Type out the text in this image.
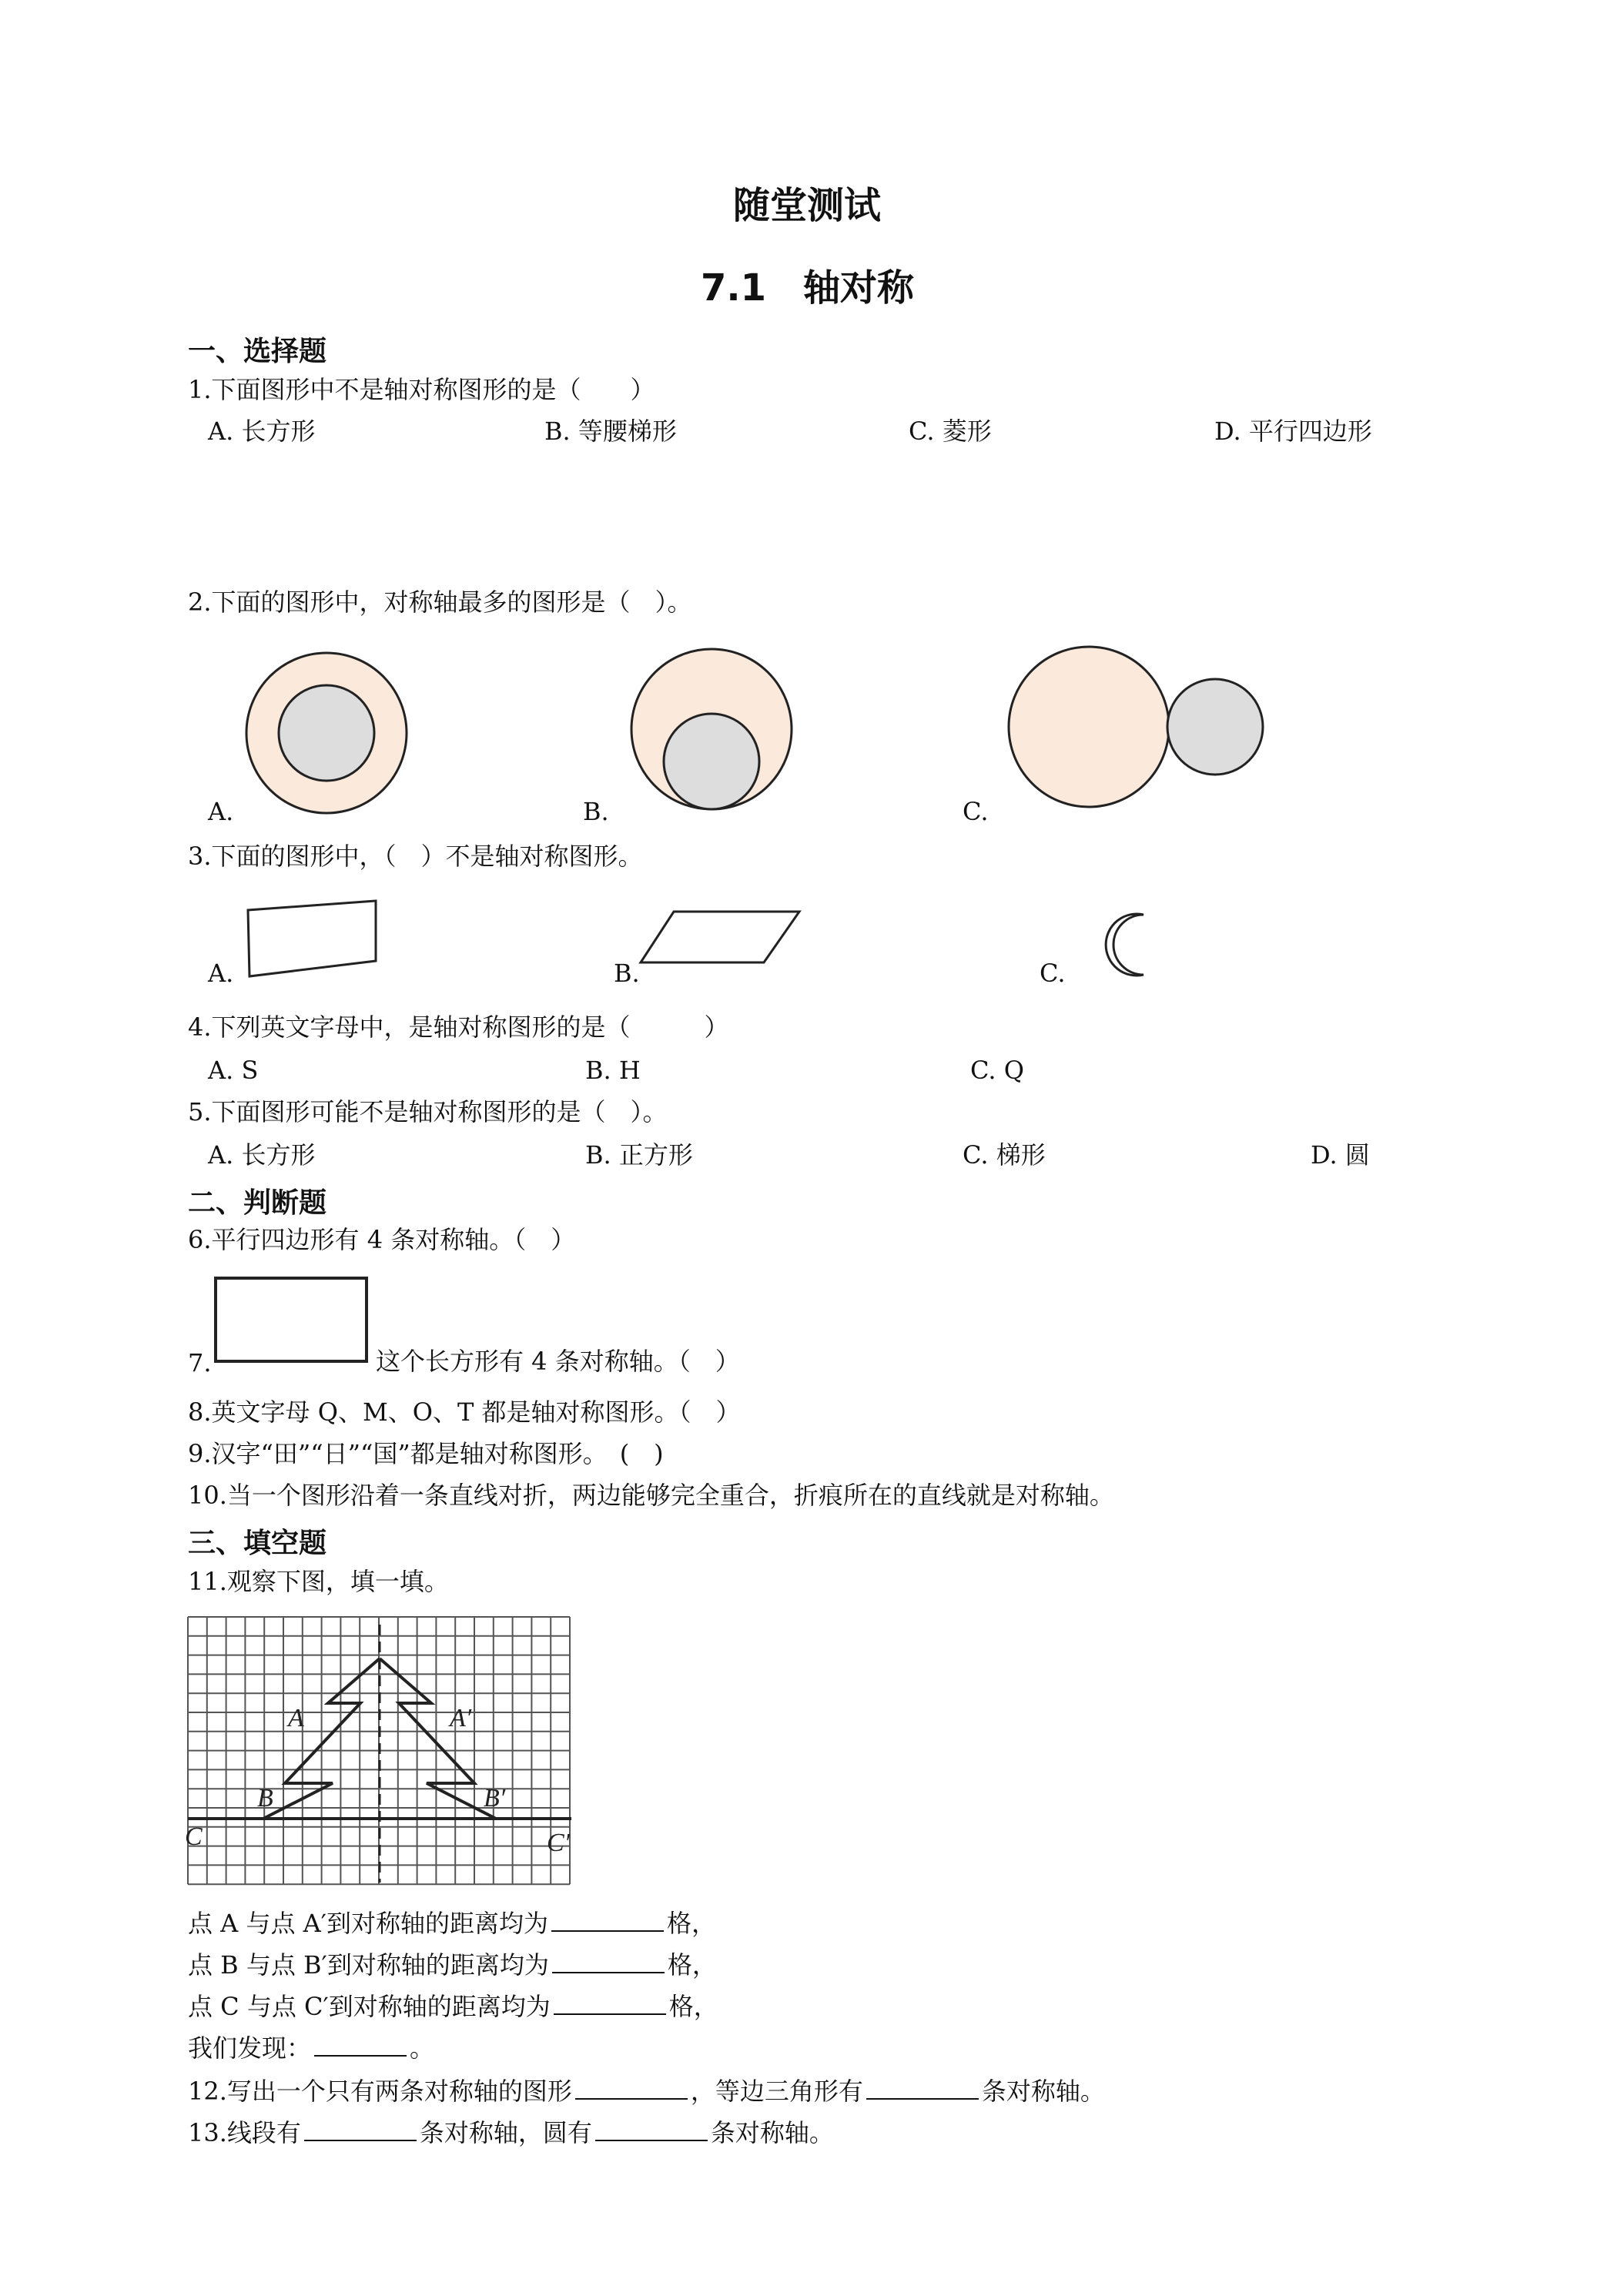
随堂测试
7.1　轴对称
一、选择题
1.下面图形中不是轴对称图形的是（　　）
A. 长方形	B. 等腰梯形	C. 菱形	D. 平行四边形
2.下面的图形中，对称轴最多的图形是（　）。
A.	B.	C.
3.下面的图形中，（　）不是轴对称图形。
A.	B.	C.
4.下列英文字母中，是轴对称图形的是（　　　）
A. S	B. H	C. Q
5.下面图形可能不是轴对称图形的是（　）。
A. 长方形	B. 正方形	C. 梯形	D. 圆
二、判断题
6.平行四边形有 4 条对称轴。（　）
7.	这个长方形有 4 条对称轴。（　）
8.英文字母 Q、M、O、T 都是轴对称图形。（　）
9.汉字“田”“日”“国”都是轴对称图形。　(　)
10.当一个图形沿着一条直线对折，两边能够完全重合，折痕所在的直线就是对称轴。
三、填空题
11.观察下图，填一填。
A	A′
B	B′
C	C′
点 A 与点 A′到对称轴的距离均为	格，
点 B 与点 B′到对称轴的距离均为	格，
点 C 与点 C′到对称轴的距离均为	格，
我们发现：	。
12.写出一个只有两条对称轴的图形	，等边三角形有	条对称轴。
13.线段有	条对称轴，圆有	条对称轴。
